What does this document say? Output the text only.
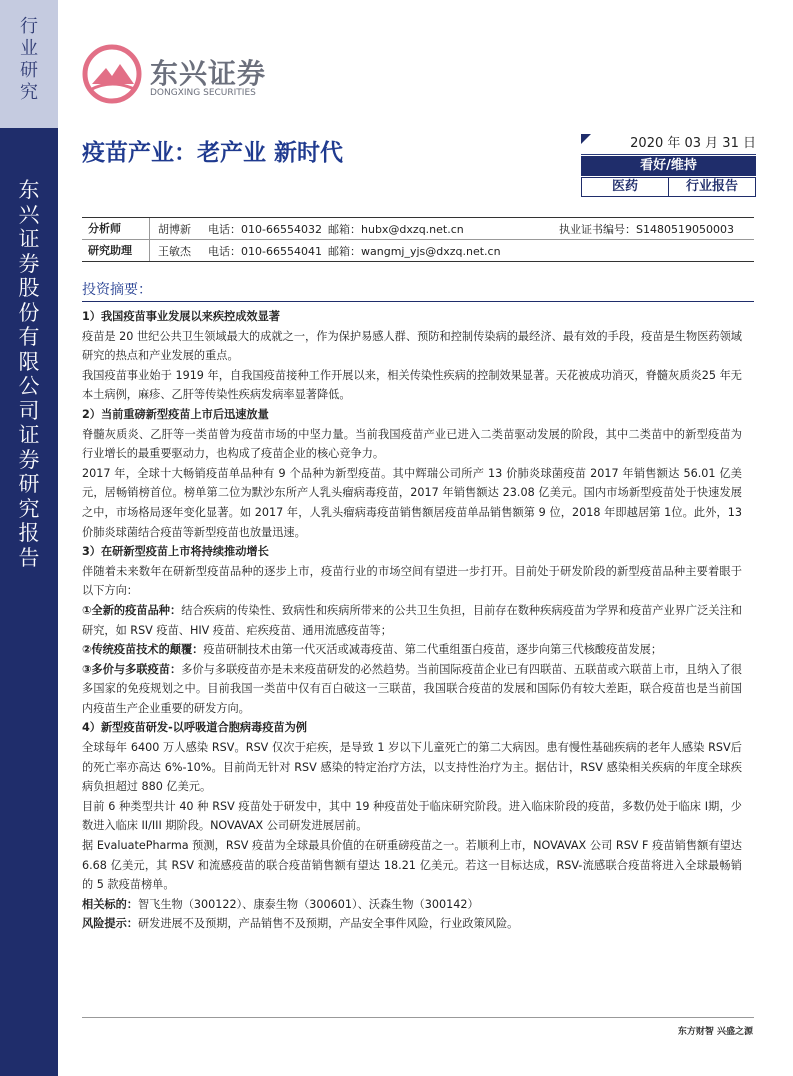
行业研究
东兴证券股份有限公司证券研究报告
东兴证券
DONGXING SECURITIES
疫苗产业：老产业 新时代	2020 年 03 月 31 日
看好/维持
医药	行业报告
分析师	胡博新	电话：010-66554032 邮箱：hubx@dxzq.net.cn	执业证书编号：S1480519050003
研究助理	王敏杰	电话：010-66554041 邮箱：wangmj_yjs@dxzq.net.cn
投资摘要：

1）我国疫苗事业发展以来疾控成效显著

疫苗是 20 世纪公共卫生领域最大的成就之一，作为保护易感人群、预防和控制传染病的最经济、最有效的手段，疫苗是生物医药领域研究的热点和产业发展的重点。

我国疫苗事业始于 1919 年，自我国疫苗接种工作开展以来，相关传染性疾病的控制效果显著。天花被成功消灭，脊髓灰质炎25 年无本土病例，麻疹、乙肝等传染性疾病发病率显著降低。

2）当前重磅新型疫苗上市后迅速放量

脊髓灰质炎、乙肝等一类苗曾为疫苗市场的中坚力量。当前我国疫苗产业已进入二类苗驱动发展的阶段，其中二类苗中的新型疫苗为行业增长的最重要驱动力，也构成了疫苗企业的核心竞争力。

2017 年，全球十大畅销疫苗单品种有 9 个品种为新型疫苗。其中辉瑞公司所产 13 价肺炎球菌疫苗 2017 年销售额达 56.01 亿美元，居畅销榜首位。榜单第二位为默沙东所产人乳头瘤病毒疫苗，2017 年销售额达 23.08 亿美元。国内市场新型疫苗处于快速发展之中，市场格局逐年变化显著。如 2017 年，人乳头瘤病毒疫苗销售额居疫苗单品销售额第 9 位，2018 年即越居第 1位。此外，13 价肺炎球菌结合疫苗等新型疫苗也放量迅速。

3）在研新型疫苗上市将持续推动增长

伴随着未来数年在研新型疫苗品种的逐步上市，疫苗行业的市场空间有望进一步打开。目前处于研发阶段的新型疫苗品种主要着眼于以下方向：

①全新的疫苗品种：结合疾病的传染性、致病性和疾病所带来的公共卫生负担，目前存在数种疾病疫苗为学界和疫苗产业界广泛关注和研究，如 RSV 疫苗、HIV 疫苗、疟疾疫苗、通用流感疫苗等；

②传统疫苗技术的颠覆：疫苗研制技术由第一代灭活或减毒疫苗、第二代重组蛋白疫苗，逐步向第三代核酸疫苗发展；

③多价与多联疫苗：多价与多联疫苗亦是未来疫苗研发的必然趋势。当前国际疫苗企业已有四联苗、五联苗或六联苗上市，且纳入了很多国家的免疫规划之中。目前我国一类苗中仅有百白破这一三联苗，我国联合疫苗的发展和国际仍有较大差距，联合疫苗也是当前国内疫苗生产企业重要的研发方向。

4）新型疫苗研发-以呼吸道合胞病毒疫苗为例

全球每年 6400 万人感染 RSV。RSV 仅次于疟疾，是导致 1 岁以下儿童死亡的第二大病因。患有慢性基础疾病的老年人感染 RSV后的死亡率亦高达 6%-10%。目前尚无针对 RSV 感染的特定治疗方法，以支持性治疗为主。据估计，RSV 感染相关疾病的年度全球疾病负担超过 880 亿美元。

目前 6 种类型共计 40 种 RSV 疫苗处于研发中，其中 19 种疫苗处于临床研究阶段。进入临床阶段的疫苗，多数仍处于临床 I期，少数进入临床 II/III 期阶段。NOVAVAX 公司研发进展居前。

据 EvaluatePharma 预测，RSV 疫苗为全球最具价值的在研重磅疫苗之一。若顺利上市，NOVAVAX 公司 RSV F 疫苗销售额有望达 6.68 亿美元，其 RSV 和流感疫苗的联合疫苗销售额有望达 18.21 亿美元。若这一目标达成，RSV-流感联合疫苗将进入全球最畅销的 5 款疫苗榜单。

相关标的：智飞生物（300122）、康泰生物（300601）、沃森生物（300142）

风险提示：研发进展不及预期，产品销售不及预期，产品安全事件风险，行业政策风险。

东方财智 兴盛之源
